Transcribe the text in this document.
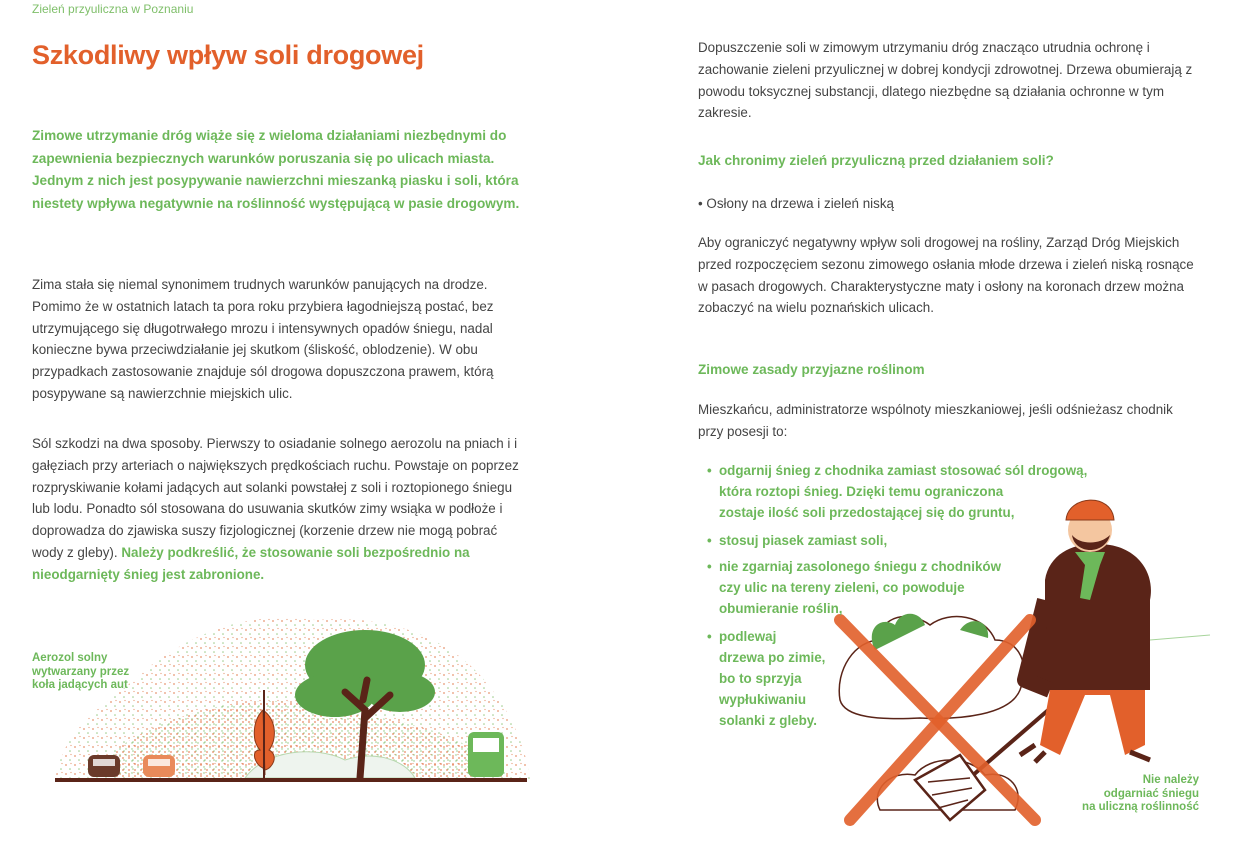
Zieleń przyuliczna w Poznaniu
Szkodliwy wpływ soli drogowej
Zimowe utrzymanie dróg wiąże się z wieloma działaniami niezbędnymi do zapewnienia bezpiecznych warunków poruszania się po ulicach miasta. Jednym z nich jest posypywanie nawierzchni mieszanką piasku i soli, która niestety wpływa negatywnie na roślinność występującą w pasie drogowym.
Zima stała się niemal synonimem trudnych warunków panujących na drodze. Pomimo że w ostatnich latach ta pora roku przybiera łagodniejszą postać, bez utrzymującego się długotrwałego mrozu i intensywnych opadów śniegu, nadal konieczne bywa przeciwdziałanie jej skutkom (śliskość, oblodzenie). W obu przypadkach zastosowanie znajduje sól drogowa dopuszczona prawem, którą posypywane są nawierzchnie miejskich ulic.
Sól szkodzi na dwa sposoby. Pierwszy to osiadanie solnego aerozolu na pniach i i gałęziach przy arteriach o największych prędkościach ruchu. Powstaje on poprzez rozpryskiwanie kołami jadących aut solanki powstałej z soli i roztopionego śniegu lub lodu. Ponadto sól stosowana do usuwania skutków zimy wsiąka w podłoże i doprowadza do zjawiska suszy fizjologicznej (korzenie drzew nie mogą pobrać wody z gleby). Należy podkreślić, że stosowanie soli bezpośrednio na nieodgarnięty śnieg jest zabronione.
Aerozol solny
wytwarzany przez
koła jadących aut
Dopuszczenie soli w zimowym utrzymaniu dróg znacząco utrudnia ochronę i zachowanie zieleni przyulicznej w dobrej kondycji zdrowotnej. Drzewa obumierają z powodu toksycznej substancji, dlatego niezbędne są działania ochronne w tym zakresie.
Jak chronimy zieleń przyuliczną przed działaniem soli?
• Osłony na drzewa i zieleń niską
Aby ograniczyć negatywny wpływ soli drogowej na rośliny, Zarząd Dróg Miejskich przed rozpoczęciem sezonu zimowego osłania młode drzewa i zieleń niską rosnące w pasach drogowych. Charakterystyczne maty i osłony na koronach drzew można zobaczyć na wielu poznańskich ulicach.
Zimowe zasady przyjazne roślinom
Mieszkańcu, administratorze wspólnoty mieszkaniowej, jeśli odśnieżasz chodnik przy posesji to:
• odgarnij śnieg z chodnika zamiast stosować sól drogową,
która roztopi śnieg. Dzięki temu ograniczona
zostaje ilość soli przedostającej się do gruntu,
• stosuj piasek zamiast soli,
• nie zgarniaj zasolonego śniegu z chodników
czy ulic na tereny zieleni, co powoduje
obumieranie roślin,
• podlewaj
drzewa po zimie,
bo to sprzyja
wypłukiwaniu
solanki z gleby.
Nie należy
odgarniać śniegu
na uliczną roślinność
